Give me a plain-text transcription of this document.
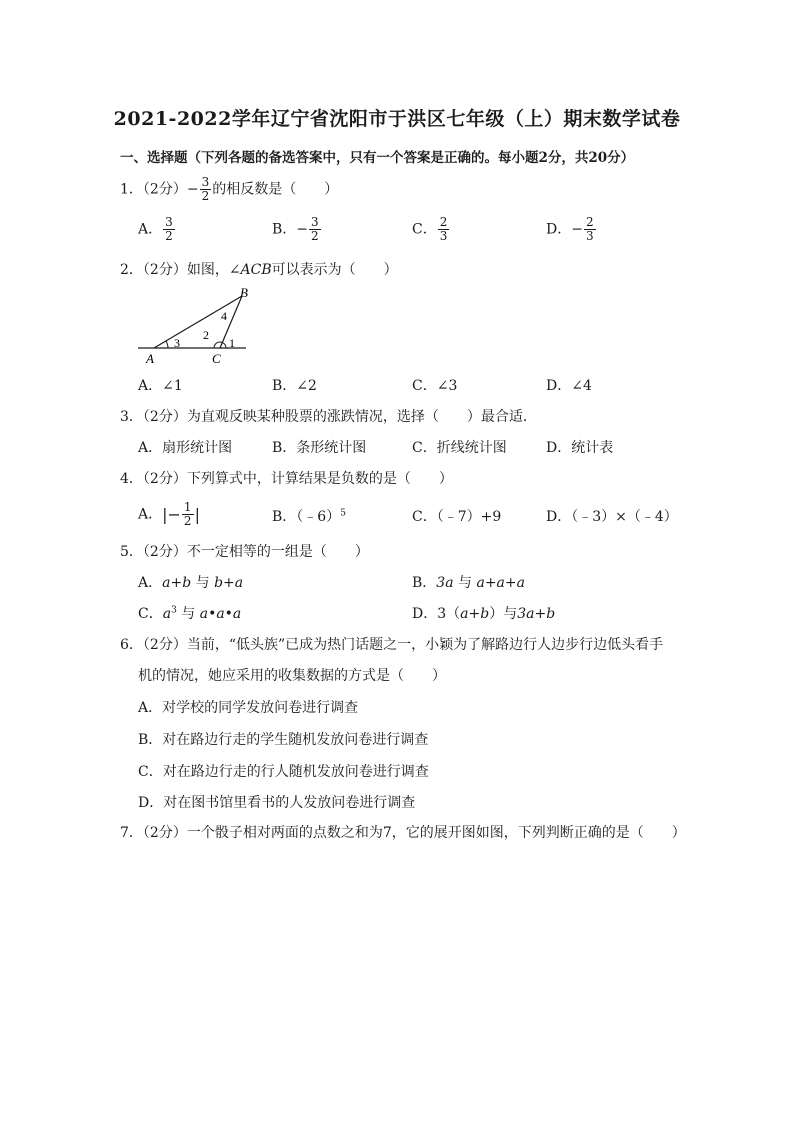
2021-2022学年辽宁省沈阳市于洪区七年级（上）期末数学试卷
一、选择题（下列各题的备选答案中，只有一个答案是正确的。每小题2分，共20分）
1．（2分）− $\frac{3}{2}$ 的相反数是（　　）
A． $\frac{3}{2}$	B．− $\frac{3}{2}$	C． $\frac{2}{3}$	D．− $\frac{2}{3}$
2．（2分）如图，∠ACB可以表示为（　　）
B
4
2
3	1
A	C
A．∠1	B．∠2	C．∠3	D．∠4
3．（2分）为直观反映某种股票的涨跌情况，选择（　　）最合适．
A．扇形统计图	B．条形统计图	C．折线统计图	D．统计表
4．（2分）下列算式中，计算结果是负数的是（　　）
A．|− $\frac{1}{2}$ |	B．（﹣6）$^5$	C．（﹣7）+9	D．（﹣3）×（﹣4）
5．（2分）不一定相等的一组是（　　）
A．a+b 与 b+a	B．3a 与 a+a+a
C．$a^3$ 与 a•a•a	D．3（a+b）与3a+b
6．（2分）当前，“低头族”已成为热门话题之一，小颖为了解路边行人边步行边低头看手
机的情况，她应采用的收集数据的方式是（　　）
A．对学校的同学发放问卷进行调查
B．对在路边行走的学生随机发放问卷进行调查
C．对在路边行走的行人随机发放问卷进行调查
D．对在图书馆里看书的人发放问卷进行调查
7．（2分）一个骰子相对两面的点数之和为7，它的展开图如图，下列判断正确的是（　　）
